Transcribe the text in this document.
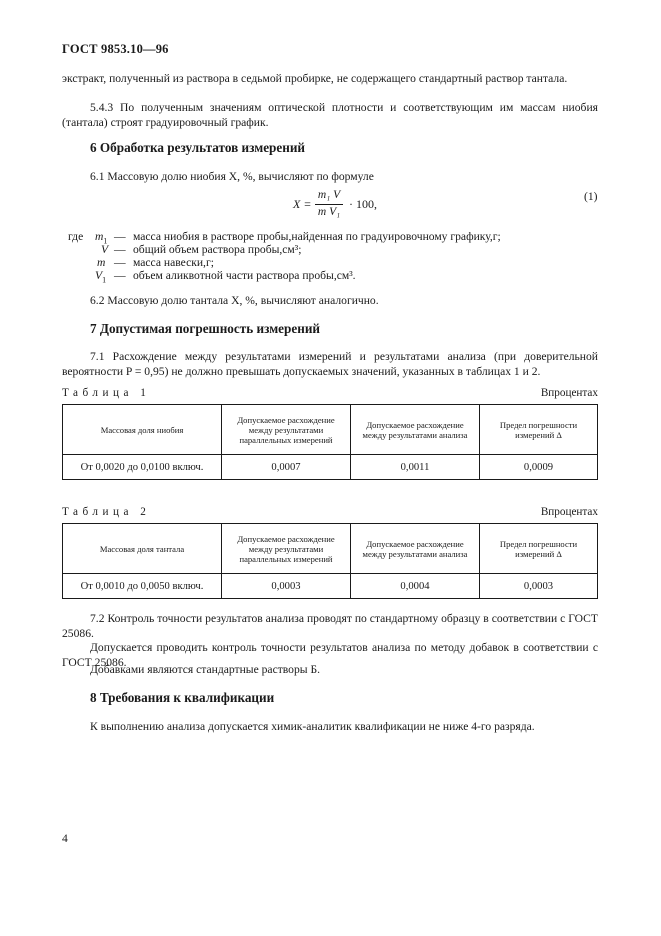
ГОСТ 9853.10—96
экстракт, полученный из раствора в седьмой пробирке, не содержащего стандартный раствор тантала.
5.4.3 По полученным значениям оптической плотности и соответствующим им массам ниобия (тантала) строят градуировочный график.
6 Обработка результатов измерений
6.1 Массовую долю ниобия X, %, вычисляют по формуле
X =
m₁ V
m V₁
· 100,
(1)
где $m_1$ — масса ниобия в растворе пробы,найденная по градуировочному графику,г;
V — общий объем раствора пробы,см³;
m — масса навески,г;
$V_1$ — объем аликвотной части раствора пробы,см³.
6.2 Массовую долю тантала X, %, вычисляют аналогично.
7 Допустимая погрешность измерений
7.1 Расхождение между результатами измерений и результатами анализа (при доверительной вероятности P = 0,95) не должно превышать допускаемых значений, указанных в таблицах 1 и 2.
Таблица 1	Впроцентах
Массовая доля ниобия	Допускаемое расхождение между результатами параллельных измерений	Допускаемое расхождение между результатами анализа	Предел погрешности измерений Δ
От 0,0020 до 0,0100 включ.	0,0007	0,0011	0,0009
Таблица 2	Впроцентах
Массовая доля тантала	Допускаемое расхождение между результатами параллельных измерений	Допускаемое расхождение между результатами анализа	Предел погрешности измерений Δ
От 0,0010 до 0,0050 включ.	0,0003	0,0004	0,0003
7.2 Контроль точности результатов анализа проводят по стандартному образцу в соответствии с ГОСТ 25086.
Допускается проводить контроль точности результатов анализа по методу добавок в соответствии с ГОСТ 25086.
Добавками являются стандартные растворы Б.
8 Требования к квалификации
К выполнению анализа допускается химик-аналитик квалификации не ниже 4-го разряда.
4
